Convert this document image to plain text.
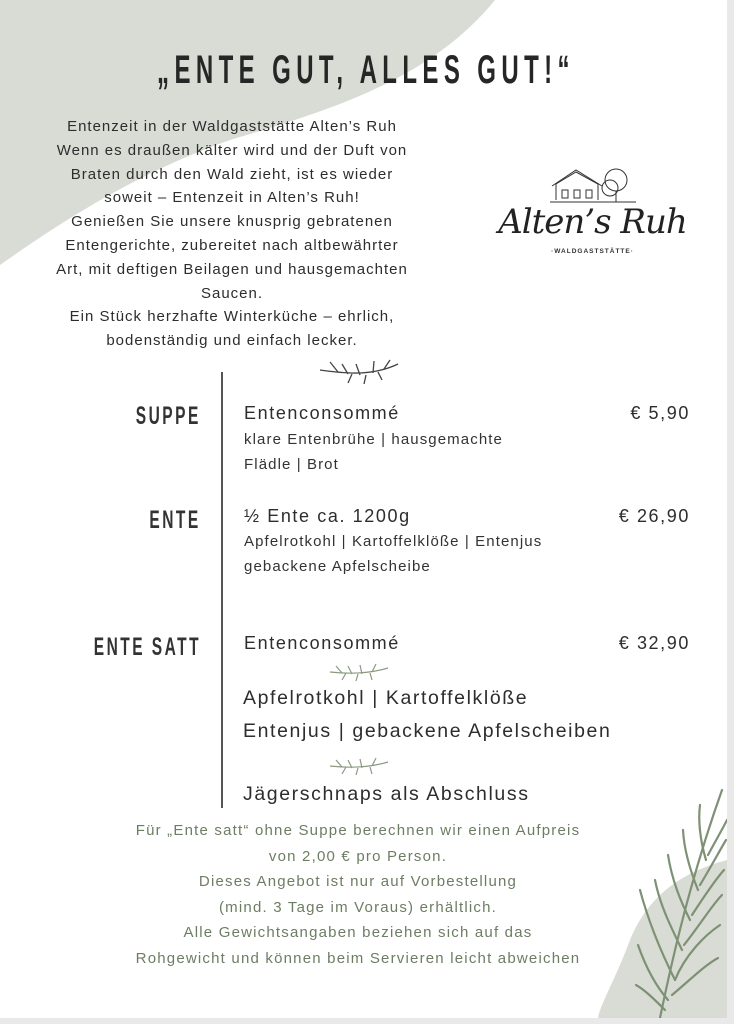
„ENTE GUT, ALLES GUT!“
Entenzeit in der Waldgaststätte Alten’s Ruh
Wenn es draußen kälter wird und der Duft von
Braten durch den Wald zieht, ist es wieder
soweit – Entenzeit in Alten’s Ruh!
Genießen Sie unsere knusprig gebratenen
Entengerichte, zubereitet nach altbewährter
Art, mit deftigen Beilagen und hausgemachten
Saucen.
Ein Stück herzhafte Winterküche – ehrlich,
bodenständig und einfach lecker.
Alten’s Ruh
·WALDGASTSTÄTTE·
SUPPE Entenconsommé	€ 5,90
klare Entenbrühe | hausgemachte
Flädle | Brot
ENTE ½ Ente ca. 1200g	€ 26,90
Apfelrotkohl | Kartoffelklöße | Entenjus
gebackene Apfelscheibe
ENTE SATT Entenconsommé	€ 32,90
Apfelrotkohl | Kartoffelklöße
Entenjus | gebackene Apfelscheiben
Jägerschnaps als Abschluss
Für „Ente satt“ ohne Suppe berechnen wir einen Aufpreis
von 2,00 € pro Person.
Dieses Angebot ist nur auf Vorbestellung
(mind. 3 Tage im Voraus) erhältlich.
Alle Gewichtsangaben beziehen sich auf das
Rohgewicht und können beim Servieren leicht abweichen
